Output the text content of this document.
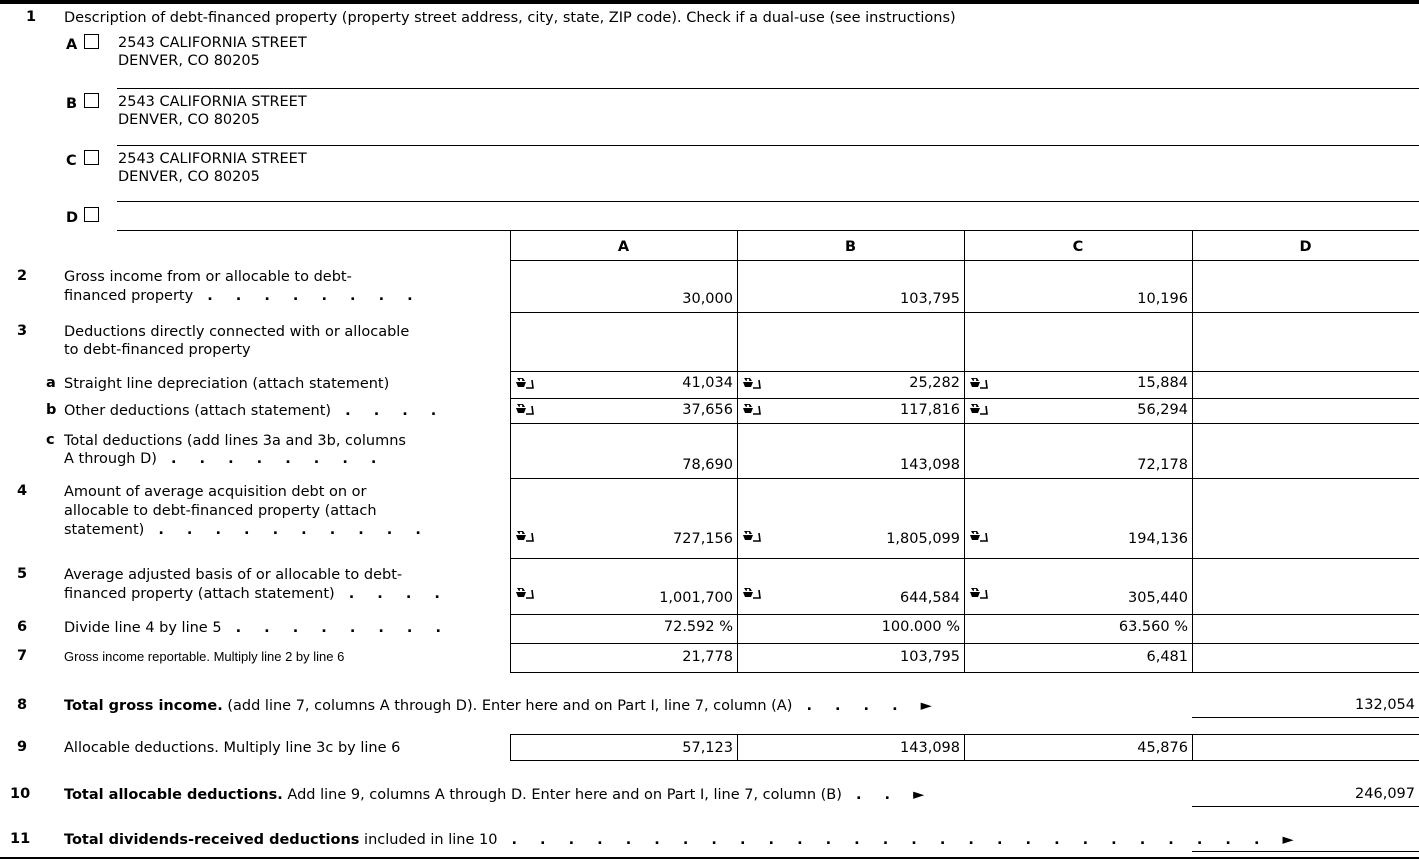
1 Description of debt-financed property (property street address, city, state, ZIP code). Check if a dual-use (see instructions)
A	2543 CALIFORNIA STREET
DENVER, CO 80205
B	2543 CALIFORNIA STREET
DENVER, CO 80205
C	2543 CALIFORNIA STREET
DENVER, CO 80205
D
A	B	C	D
2	Gross income from or allocable to debt-
financed property . . . . . . . .	30,000	103,795	10,196
3	Deductions directly connected with or allocable
to debt-financed property
a Straight line depreciation (attach statement)	41,034	25,282	15,884
b Other deductions (attach statement) . . . .	37,656	117,816	56,294
c Total deductions (add lines 3a and 3b, columns
A through D) . . . . . . . .	78,690	143,098	72,178
4	Amount of average acquisition debt on or
allocable to debt-financed property (attach
statement) . . . . . . . . . .
727,156	1,805,099	194,136
5	Average adjusted basis of or allocable to debt-
financed property (attach statement) . . . .	1,001,700	644,584	305,440
6	Divide line 4 by line 5 . . . . . . . .	72.592 %	100.000 %	63.560 %
7	Gross income reportable. Multiply line 2 by line 6	21,778	103,795	6,481
8	Total gross income. (add line 7, columns A through D). Enter here and on Part I, line 7, column (A) . . . . ►	132,054
9	Allocable deductions. Multiply line 3c by line 6	57,123	143,098	45,876
10 Total allocable deductions. Add line 9, columns A through D. Enter here and on Part I, line 7, column (B) . . ►	246,097
11 Total dividends-received deductions included in line 10 . . . . . . . . . . . . . . . . . . . . . . . . . . . ►
